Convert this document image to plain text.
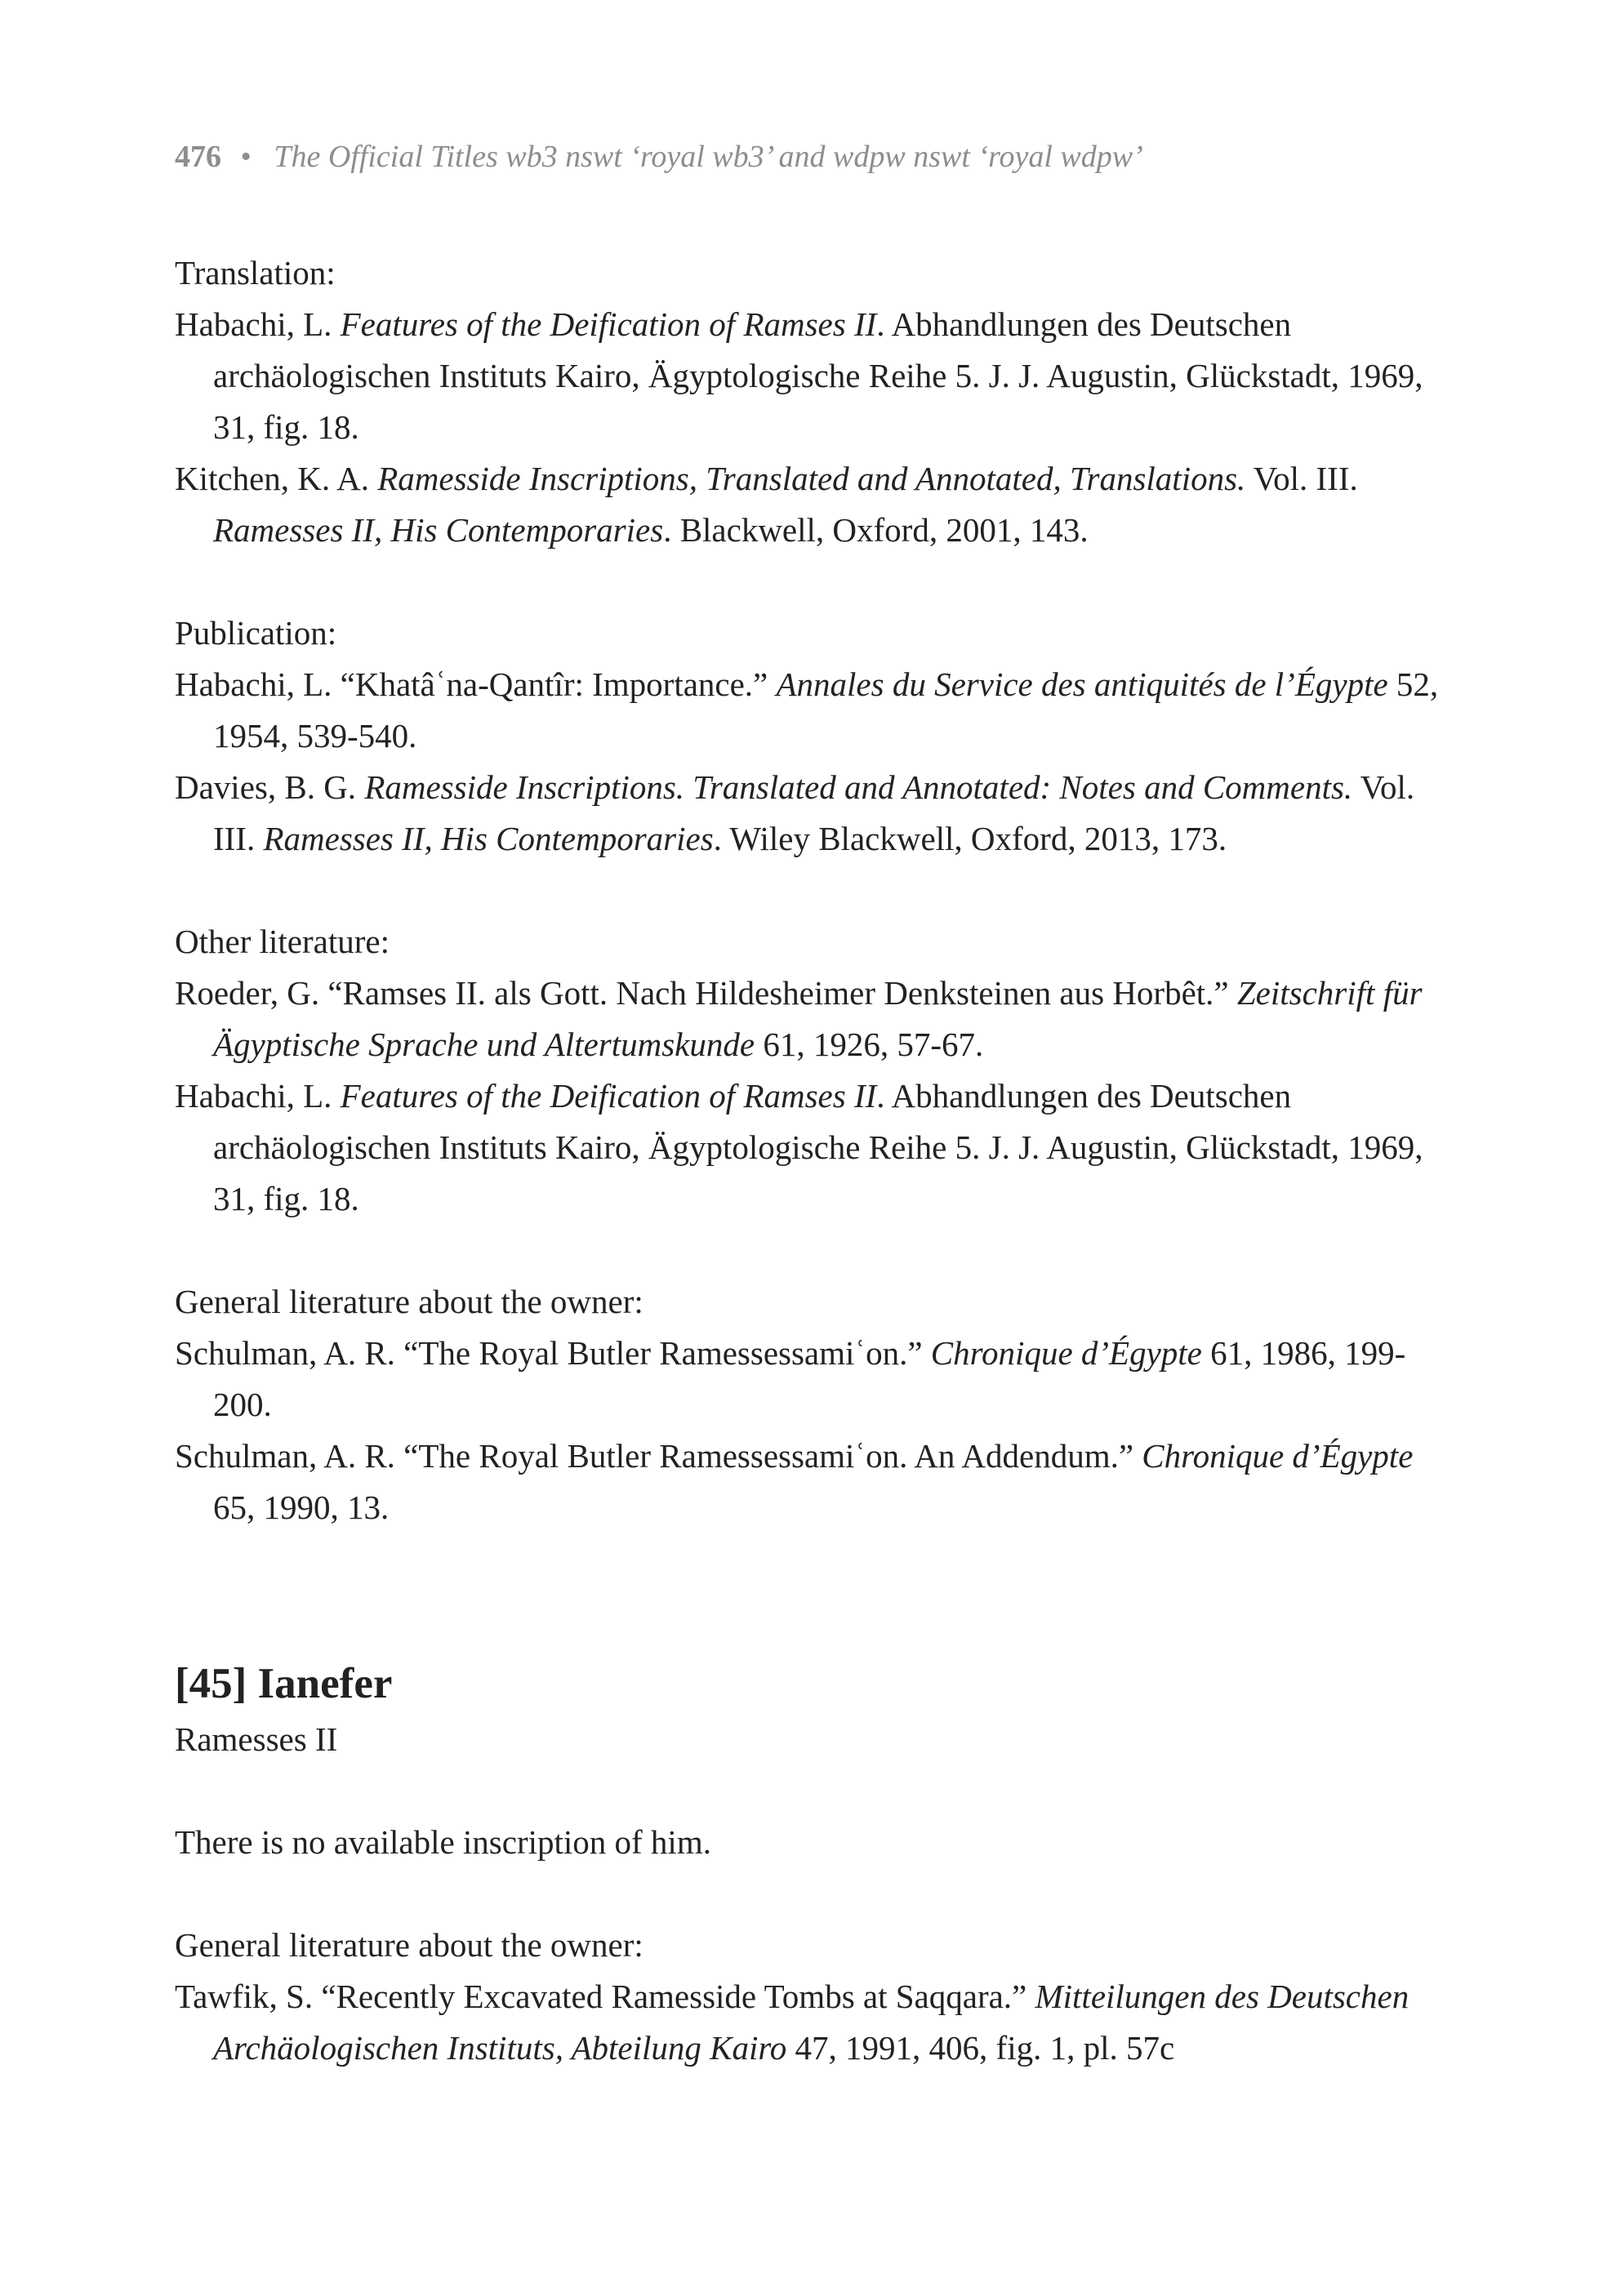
476 • The Official Titles wb3 nswt ‘royal wb3’ and wdpw nswt ‘royal wdpw’

Translation:

Habachi, L. Features of the Deification of Ramses II. Abhandlungen des Deutschen archäologischen Instituts Kairo, Ägyptologische Reihe 5. J. J. Augustin, Glückstadt, 1969, 31, fig. 18.

Kitchen, K. A. Ramesside Inscriptions, Translated and Annotated, Translations. Vol. III. Ramesses II, His Contemporaries. Blackwell, Oxford, 2001, 143.

Publication:

Habachi, L. “Khatâʿna-Qantîr: Importance.” Annales du Service des antiquités de l’Égypte 52, 1954, 539-540.

Davies, B. G. Ramesside Inscriptions. Translated and Annotated: Notes and Comments. Vol. III. Ramesses II, His Contemporaries. Wiley Blackwell, Oxford, 2013, 173.

Other literature:

Roeder, G. “Ramses II. als Gott. Nach Hildesheimer Denksteinen aus Horbêt.” Zeitschrift für Ägyptische Sprache und Altertumskunde 61, 1926, 57-67.

Habachi, L. Features of the Deification of Ramses II. Abhandlungen des Deutschen archäologischen Instituts Kairo, Ägyptologische Reihe 5. J. J. Augustin, Glückstadt, 1969, 31, fig. 18.

General literature about the owner:

Schulman, A. R. “The Royal Butler Ramessessamiʿon.” Chronique d’Égypte 61, 1986, 199-200.

Schulman, A. R. “The Royal Butler Ramessessamiʿon. An Addendum.” Chronique d’Égypte 65, 1990, 13.

[45] Ianefer

Ramesses II

There is no available inscription of him.

General literature about the owner:

Tawfik, S. “Recently Excavated Ramesside Tombs at Saqqara.” Mitteilungen des Deutschen Archäologischen Instituts, Abteilung Kairo 47, 1991, 406, fig. 1, pl. 57c
